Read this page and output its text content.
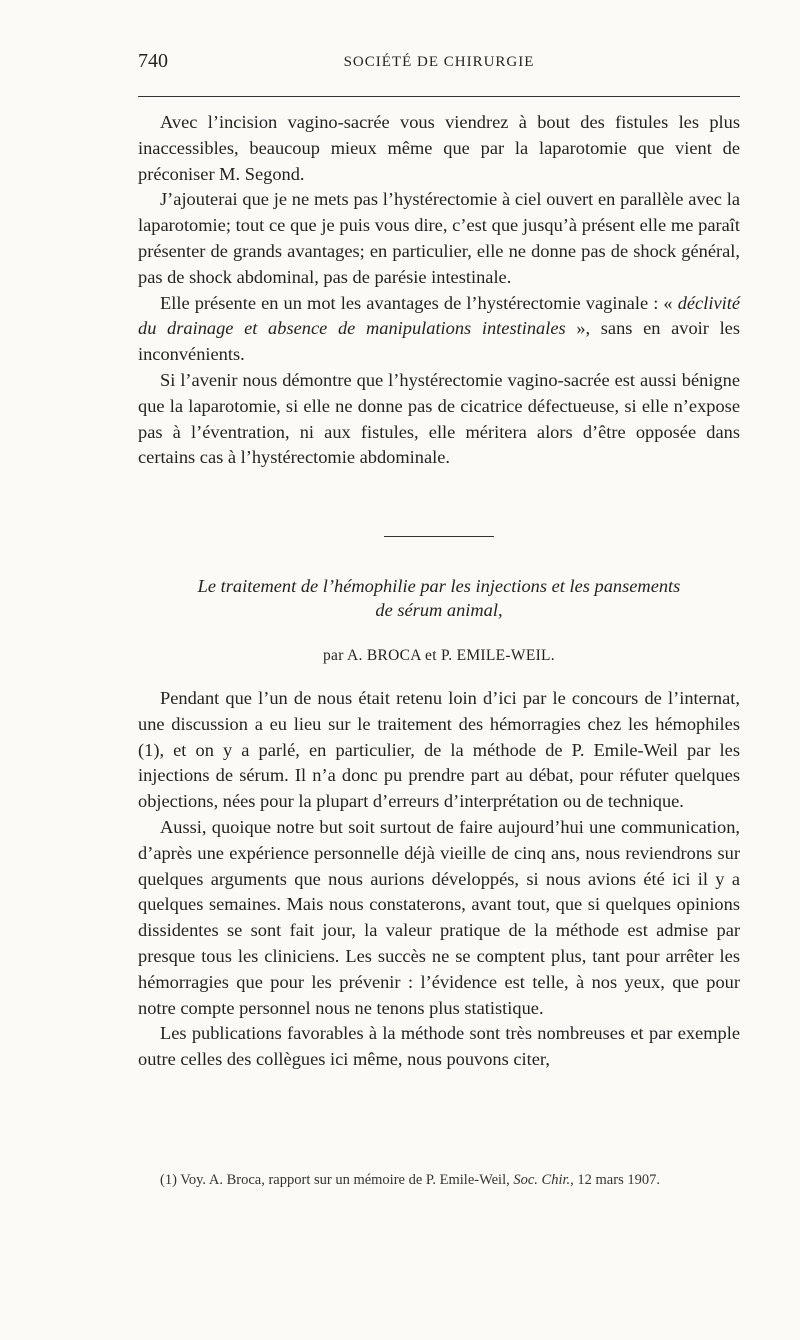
740	SOCIÉTÉ DE CHIRURGIE

Avec l’incision vagino-sacrée vous viendrez à bout des fistules les plus inaccessibles, beaucoup mieux même que par la laparotomie que vient de préconiser M. Segond.

J’ajouterai que je ne mets pas l’hystérectomie à ciel ouvert en parallèle avec la laparotomie; tout ce que je puis vous dire, c’est que jusqu’à présent elle me paraît présenter de grands avantages; en particulier, elle ne donne pas de shock général, pas de shock abdominal, pas de parésie intestinale.

Elle présente en un mot les avantages de l’hystérectomie vaginale : « déclivité du drainage et absence de manipulations intestinales », sans en avoir les inconvénients.

Si l’avenir nous démontre que l’hystérectomie vagino-sacrée est aussi bénigne que la laparotomie, si elle ne donne pas de cicatrice défectueuse, si elle n’expose pas à l’éventration, ni aux fistules, elle méritera alors d’être opposée dans certains cas à l’hystérectomie abdominale.

Le traitement de l’hémophilie par les injections et les pansements
de sérum animal,

par A. BROCA et P. EMILE-WEIL.

Pendant que l’un de nous était retenu loin d’ici par le concours de l’internat, une discussion a eu lieu sur le traitement des hémorragies chez les hémophiles (1), et on y a parlé, en particulier, de la méthode de P. Emile-Weil par les injections de sérum. Il n’a donc pu prendre part au débat, pour réfuter quelques objections, nées pour la plupart d’erreurs d’interprétation ou de technique.

Aussi, quoique notre but soit surtout de faire aujourd’hui une communication, d’après une expérience personnelle déjà vieille de cinq ans, nous reviendrons sur quelques arguments que nous aurions développés, si nous avions été ici il y a quelques semaines. Mais nous constaterons, avant tout, que si quelques opinions dissidentes se sont fait jour, la valeur pratique de la méthode est admise par presque tous les cliniciens. Les succès ne se comptent plus, tant pour arrêter les hémorragies que pour les prévenir : l’évidence est telle, à nos yeux, que pour notre compte personnel nous ne tenons plus statistique.

Les publications favorables à la méthode sont très nombreuses et par exemple outre celles des collègues ici même, nous pouvons citer,

(1) Voy. A. Broca, rapport sur un mémoire de P. Emile-Weil, Soc. Chir., 12 mars 1907.
